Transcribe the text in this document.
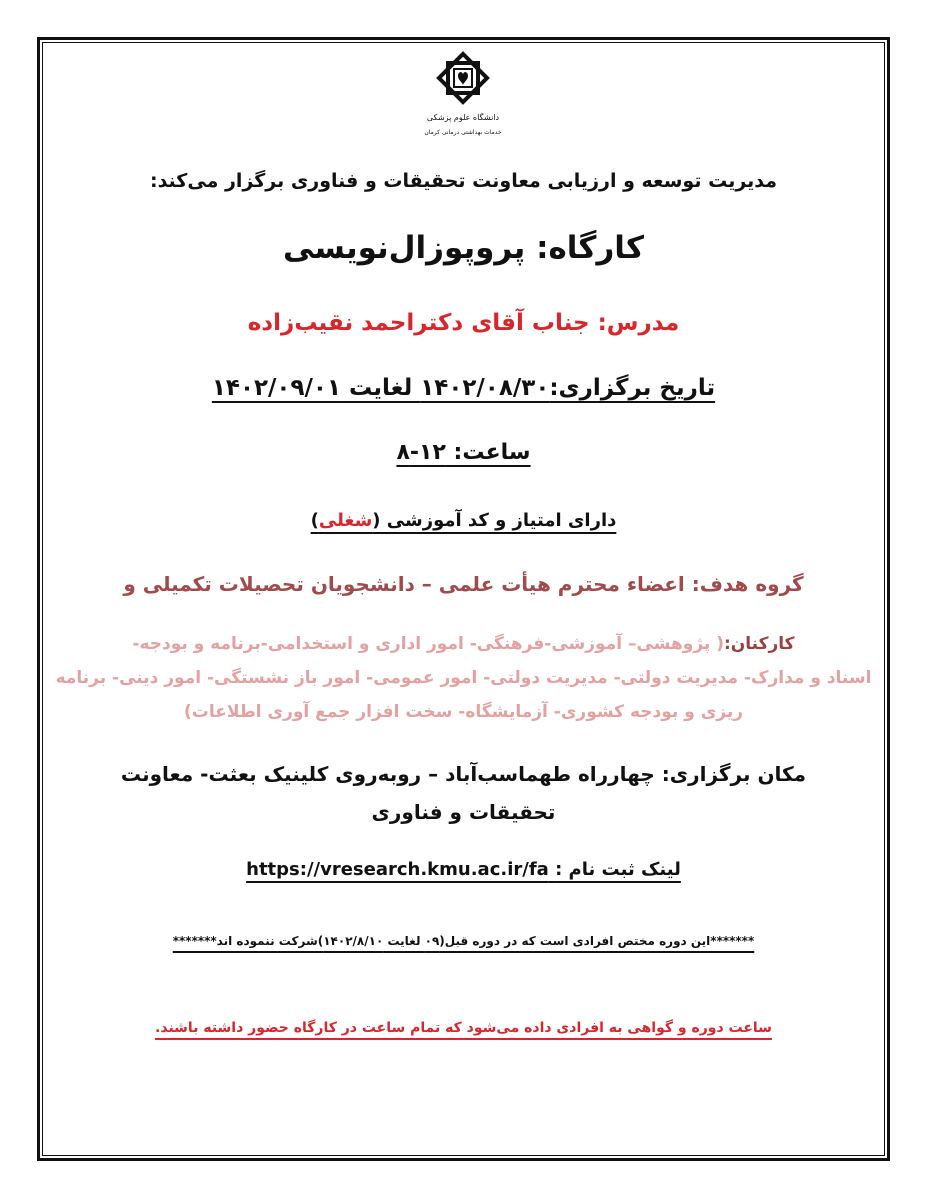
دانشگاه علوم پزشکی
خدمات بهداشتی درمانی کرمان
مدیریت توسعه و ارزیابی معاونت تحقیقات و فناوری برگزار می‌کند:
کارگاه: پروپوزال‌نویسی
مدرس: جناب آقای دکتراحمد نقیب‌زاده
تاریخ برگزاری:۱۴۰۲/۰۸/۳۰ لغایت ۱۴۰۲/۰۹/۰۱
ساعت: ۱۲-۸
دارای امتیاز و کد آموزشی (شغلی)
گروه هدف: اعضاء محترم هیأت علمی – دانشجویان تحصیلات تکمیلی و
کارکنان:( پژوهشی– آموزشی-فرهنگی- امور اداری و استخدامی-برنامه و بودجه-
اسناد و مدارک- مدیریت دولتی- مدیریت دولتی- امور عمومی- امور باز نشستگی- امور دینی- برنامه
ریزی و بودجه کشوری- آزمایشگاه- سخت افزار جمع آوری اطلاعات)
مکان برگزاری: چهارراه طهماسب‌آباد – روبه‌روی کلینیک بعثت- معاونت
تحقیقات و فناوری
لینک ثبت نام : https://vresearch.kmu.ac.ir/fa
*******این دوره مختص افرادی است که در دوره قبل(۰۹ لغایت ۱۴۰۲/۸/۱۰)شرکت ننموده اند*******
ساعت دوره و گواهی به افرادی داده می‌شود که تمام ساعت در کارگاه حضور داشته باشند.
